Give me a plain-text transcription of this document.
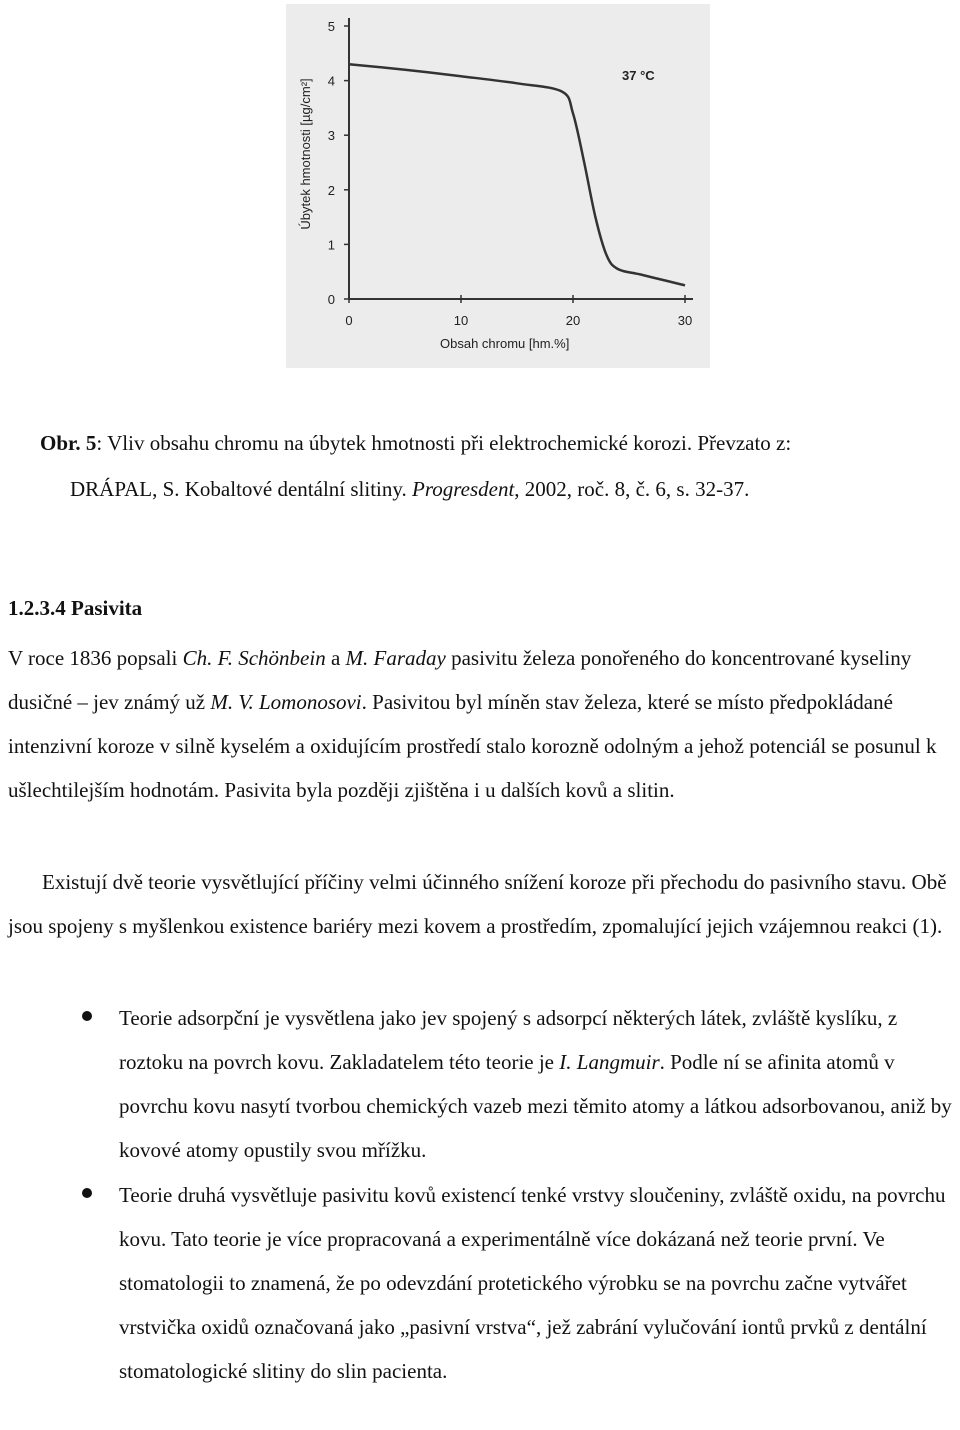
0
1
2
3
4
5
0	10	20	30
37 °C
Obsah chromu [hm.%]
Úbytek hmotnosti [µg/cm²]
Obr. 5: Vliv obsahu chromu na úbytek hmotnosti při elektrochemické korozi. Převzato z:
DRÁPAL, S. Kobaltové dentální slitiny. Progresdent, 2002, roč. 8, č. 6, s. 32-37.
1.2.3.4 Pasivita
V roce 1836 popsali Ch. F. Schönbein a M. Faraday pasivitu železa ponořeného do koncentrované kyseliny dusičné – jev známý už M. V. Lomonosovi. Pasivitou byl míněn stav železa, které se místo předpokládané intenzivní koroze v silně kyselém a oxidujícím prostředí stalo korozně odolným a jehož potenciál se posunul k ušlechtilejším hodnotám. Pasivita byla později zjištěna i u dalších kovů a slitin.
Existují dvě teorie vysvětlující příčiny velmi účinného snížení koroze při přechodu do pasivního stavu. Obě jsou spojeny s myšlenkou existence bariéry mezi kovem a prostředím, zpomalující jejich vzájemnou reakci (1).

Teorie adsorpční je vysvětlena jako jev spojený s adsorpcí některých látek, zvláště kyslíku, z roztoku na povrch kovu. Zakladatelem této teorie je I. Langmuir. Podle ní se afinita atomů v povrchu kovu nasytí tvorbou chemických vazeb mezi těmito atomy a látkou adsorbovanou, aniž by kovové atomy opustily svou mřížku.

Teorie druhá vysvětluje pasivitu kovů existencí tenké vrstvy sloučeniny, zvláště oxidu, na povrchu kovu. Tato teorie je více propracovaná a experimentálně více dokázaná než teorie první. Ve stomatologii to znamená, že po odevzdání protetického výrobku se na povrchu začne vytvářet vrstvička oxidů označovaná jako „pasivní vrstva“, jež zabrání vylučování iontů prvků z dentální stomatologické slitiny do slin pacienta.
